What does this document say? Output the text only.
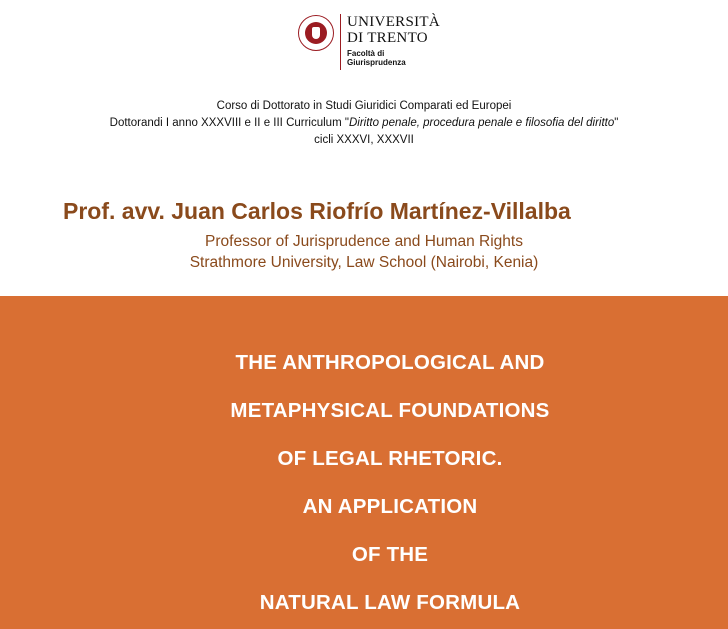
UNIVERSITÀ
DI TRENTO
Facoltà di
Giurisprudenza
Corso di Dottorato in Studi Giuridici Comparati ed Europei
Dottorandi I anno XXXVIII e II e III Curriculum "Diritto penale, procedura penale e filosofia del diritto"
cicli XXXVI, XXXVII
Prof. avv. Juan Carlos Riofrío Martínez-Villalba
Professor of Jurisprudence and Human Rights
Strathmore University, Law School (Nairobi, Kenia)
THE ANTHROPOLOGICAL AND
METAPHYSICAL FOUNDATIONS
OF LEGAL RHETORIC.
AN APPLICATION
OF THE
NATURAL LAW FORMULA
